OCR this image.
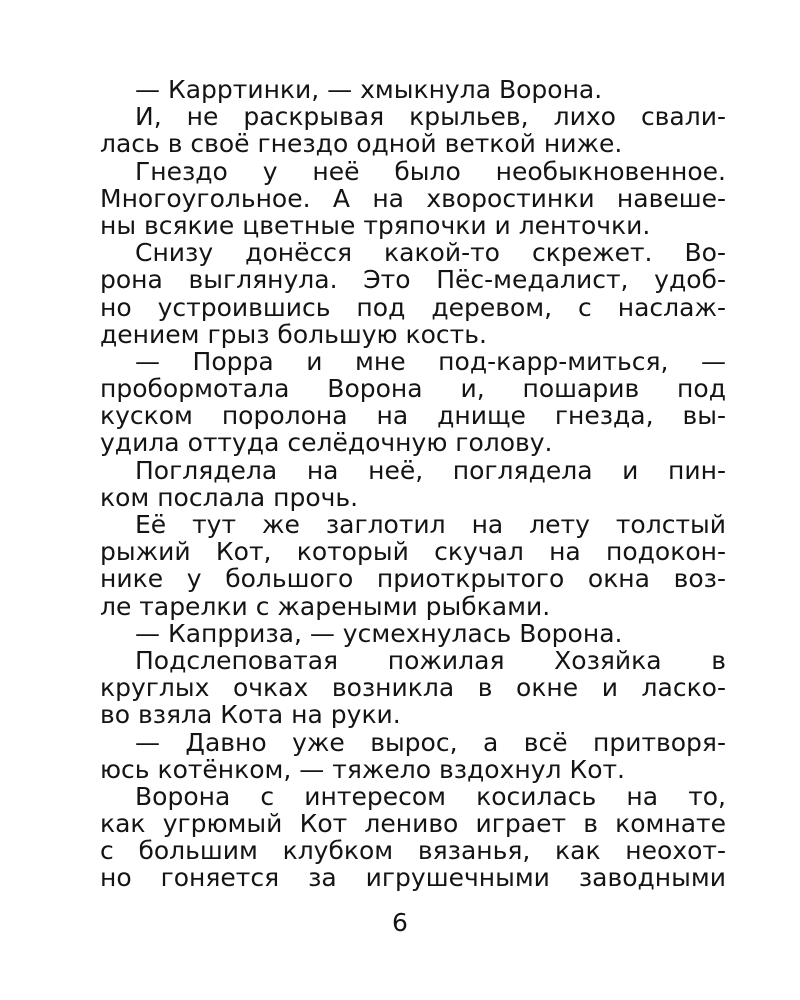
— Карртинки, — хмыкнула Ворона.
И, не раскрывая крыльев, лихо свали-
лась в своё гнездо одной веткой ниже.
Гнездо у неё было необыкновенное.
Многоугольное. А на хворостинки навеше-
ны всякие цветные тряпочки и ленточки.
Снизу донёсся какой-то скрежет. Во-
рона выглянула. Это Пёс-медалист, удоб-
но устроившись под деревом, с наслаж-
дением грыз большую кость.
— Порра и мне под-карр-миться, —
пробормотала Ворона и, пошарив под
куском поролона на днище гнезда, вы-
удила оттуда селёдочную голову.
Поглядела на неё, поглядела и пин-
ком послала прочь.
Её тут же заглотил на лету толстый
рыжий Кот, который скучал на подокон-
нике у большого приоткрытого окна воз-
ле тарелки с жареными рыбками.
— Капрриза, — усмехнулась Ворона.
Подслеповатая пожилая Хозяйка в
круглых очках возникла в окне и ласко-
во взяла Кота на руки.
— Давно уже вырос, а всё притворя-
юсь котёнком, — тяжело вздохнул Кот.
Ворона с интересом косилась на то,
как угрюмый Кот лениво играет в комнате
с большим клубком вязанья, как неохот-
но гоняется за игрушечными заводными
6
